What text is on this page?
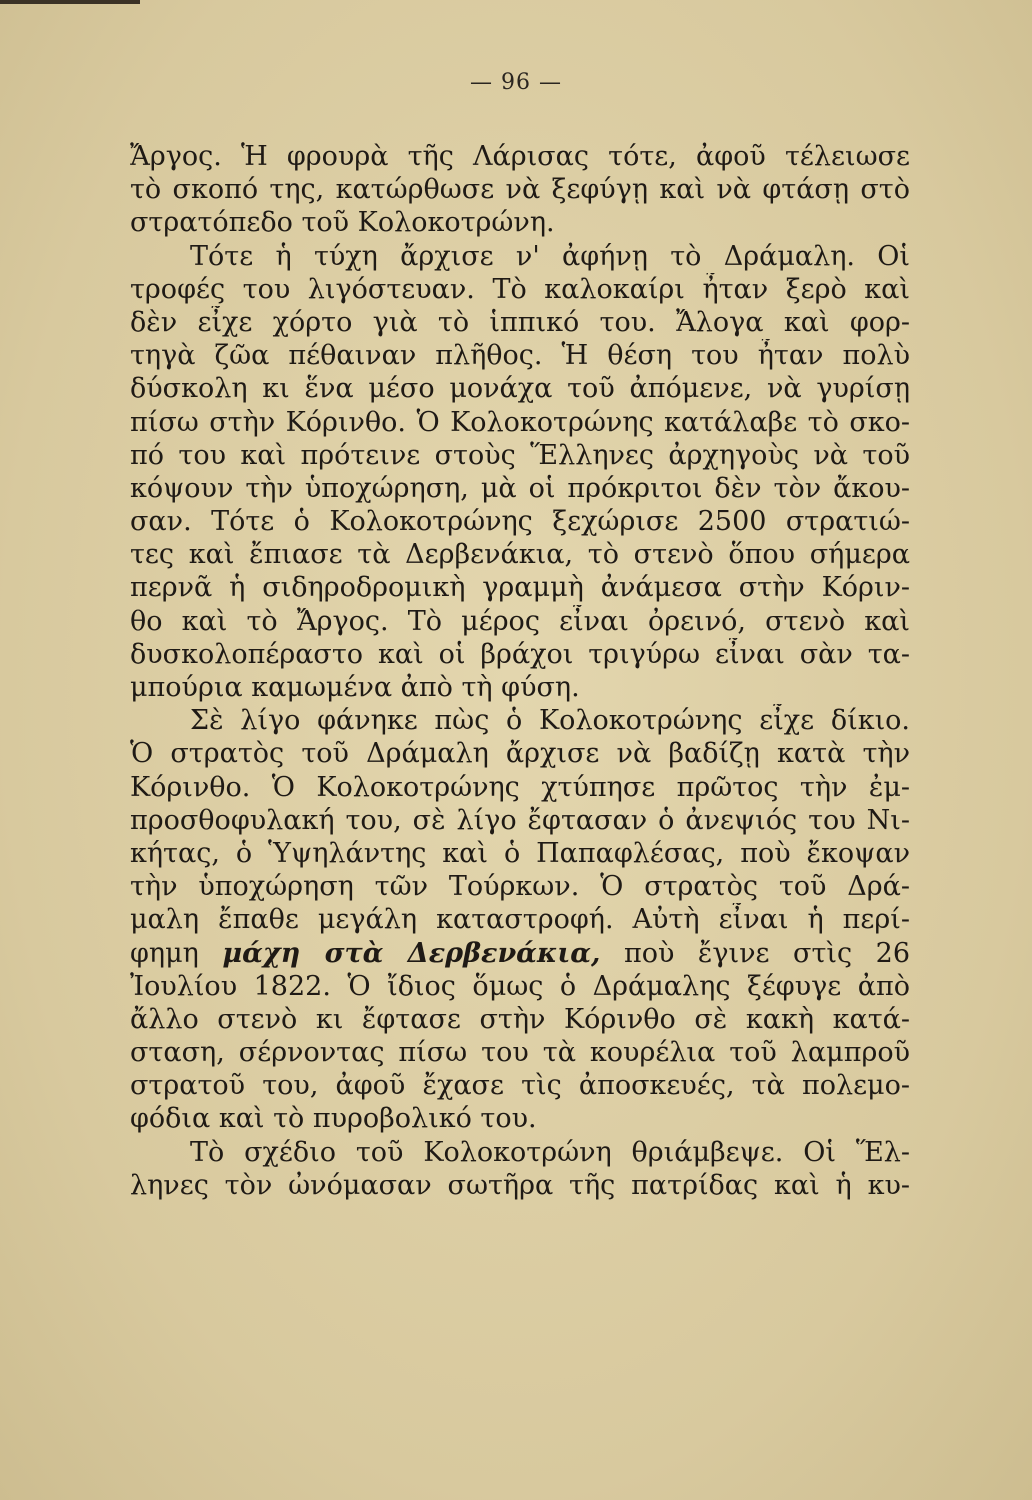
— 96 —
Ἄργος. Ἡ φρουρὰ τῆς Λάρισας τότε, ἀφοῦ τέλειωσε
τὸ σκοπό της, κατώρθωσε νὰ ξεφύγῃ καὶ νὰ φτάσῃ στὸ
στρατόπεδο τοῦ Κολοκοτρώνη.
Τότε ἡ τύχη ἄρχισε ν' ἀφήνῃ τὸ Δράμαλη. Οἱ
τροφές του λιγόστευαν. Τὸ καλοκαίρι ἦταν ξερὸ καὶ
δὲν εἶχε χόρτο γιὰ τὸ ἱππικό του. Ἄλογα καὶ φορ-
τηγὰ ζῶα πέθαιναν πλῆθος. Ἡ θέση του ἦταν πολὺ
δύσκολη κι ἕνα μέσο μονάχα τοῦ ἀπόμενε, νὰ γυρίσῃ
πίσω στὴν Κόρινθο. Ὁ Κολοκοτρώνης κατάλαβε τὸ σκο-
πό του καὶ πρότεινε στοὺς Ἕλληνες ἀρχηγοὺς νὰ τοῦ
κόψουν τὴν ὑποχώρηση, μὰ οἱ πρόκριτοι δὲν τὸν ἄκου-
σαν. Τότε ὁ Κολοκοτρώνης ξεχώρισε 2500 στρατιώ-
τες καὶ ἔπιασε τὰ Δερβενάκια, τὸ στενὸ ὅπου σήμερα
περνᾶ ἡ σιδηροδρομικὴ γραμμὴ ἀνάμεσα στὴν Κόριν-
θο καὶ τὸ Ἄργος. Τὸ μέρος εἶναι ὀρεινό, στενὸ καὶ
δυσκολοπέραστο καὶ οἱ βράχοι τριγύρω εἶναι σὰν τα-
μπούρια καμωμένα ἀπὸ τὴ φύση.
Σὲ λίγο φάνηκε πὼς ὁ Κολοκοτρώνης εἶχε δίκιο.
Ὁ στρατὸς τοῦ Δράμαλη ἄρχισε νὰ βαδίζῃ κατὰ τὴν
Κόρινθο. Ὁ Κολοκοτρώνης χτύπησε πρῶτος τὴν ἐμ-
προσθοφυλακή του, σὲ λίγο ἔφτασαν ὁ ἀνεψιός του Νι-
κήτας, ὁ Ὑψηλάντης καὶ ὁ Παπαφλέσας, ποὺ ἔκοψαν
τὴν ὑποχώρηση τῶν Τούρκων. Ὁ στρατὸς τοῦ Δρά-
μαλη ἔπαθε μεγάλη καταστροφή. Αὐτὴ εἶναι ἡ περί-
φημη μάχη στὰ Δερβενάκια, ποὺ ἔγινε στὶς 26
Ἰουλίου 1822. Ὁ ἴδιος ὅμως ὁ Δράμαλης ξέφυγε ἀπὸ
ἄλλο στενὸ κι ἔφτασε στὴν Κόρινθο σὲ κακὴ κατά-
σταση, σέρνοντας πίσω του τὰ κουρέλια τοῦ λαμπροῦ
στρατοῦ του, ἀφοῦ ἔχασε τὶς ἀποσκευές, τὰ πολεμο-
φόδια καὶ τὸ πυροβολικό του.
Τὸ σχέδιο τοῦ Κολοκοτρώνη θριάμβεψε. Οἱ Ἕλ-
ληνες τὸν ὠνόμασαν σωτῆρα τῆς πατρίδας καὶ ἡ κυ-
